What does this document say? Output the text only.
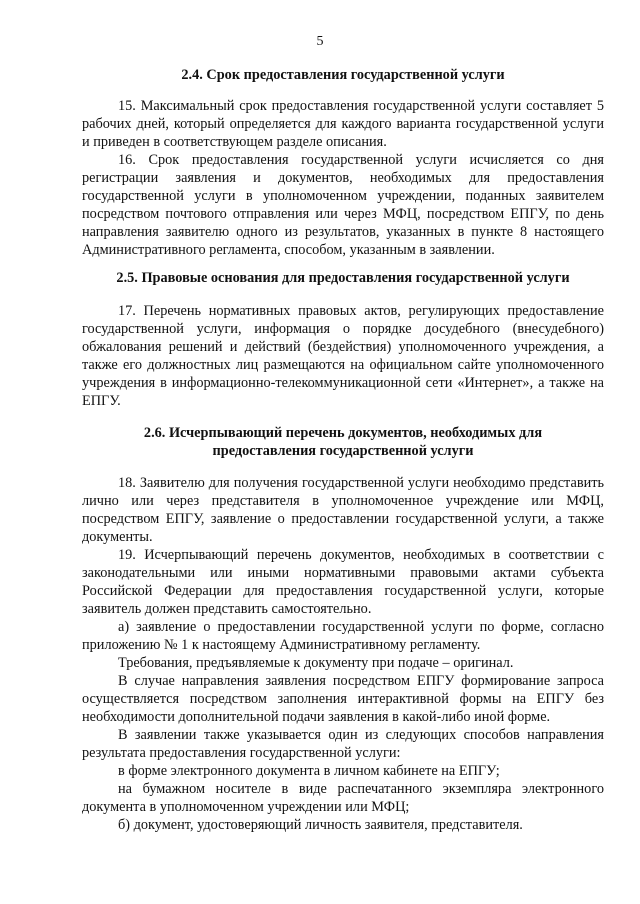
5
2.4. Срок предоставления государственной услуги

15. Максимальный срок предоставления государственной услуги составляет 5 рабочих дней, который определяется для каждого варианта государственной услуги и приведен в соответствующем разделе описания.

16. Срок предоставления государственной услуги исчисляется со дня регистрации заявления и документов, необходимых для предоставления государственной услуги в уполномоченном учреждении, поданных заявителем посредством почтового отправления или через МФЦ, посредством ЕПГУ, по день направления заявителю одного из результатов, указанных в пункте 8 настоящего Административного регламента, способом, указанным в заявлении.

2.5. Правовые основания для предоставления государственной услуги

17. Перечень нормативных правовых актов, регулирующих предоставление государственной услуги, информация о порядке досудебного (внесудебного) обжалования решений и действий (бездействия) уполномоченного учреждения, а также его должностных лиц размещаются на официальном сайте уполномоченного учреждения в информационно-телекоммуникационной сети «Интернет», а также на ЕПГУ.

2.6. Исчерпывающий перечень документов, необходимых для
предоставления государственной услуги

18. Заявителю для получения государственной услуги необходимо представить лично или через представителя в уполномоченное учреждение или МФЦ, посредством ЕПГУ, заявление о предоставлении государственной услуги, а также документы.

19. Исчерпывающий перечень документов, необходимых в соответствии с законодательными или иными нормативными правовыми актами субъекта Российской Федерации для предоставления государственной услуги, которые заявитель должен представить самостоятельно.

а) заявление о предоставлении государственной услуги по форме, согласно приложению № 1 к настоящему Административному регламенту.

Требования, предъявляемые к документу при подаче – оригинал.

В случае направления заявления посредством ЕПГУ формирование запроса осуществляется посредством заполнения интерактивной формы на ЕПГУ без необходимости дополнительной подачи заявления в какой-либо иной форме.

В заявлении также указывается один из следующих способов направления результата предоставления государственной услуги:

в форме электронного документа в личном кабинете на ЕПГУ;

на бумажном носителе в виде распечатанного экземпляра электронного документа в уполномоченном учреждении или МФЦ;

б) документ, удостоверяющий личность заявителя, представителя.
